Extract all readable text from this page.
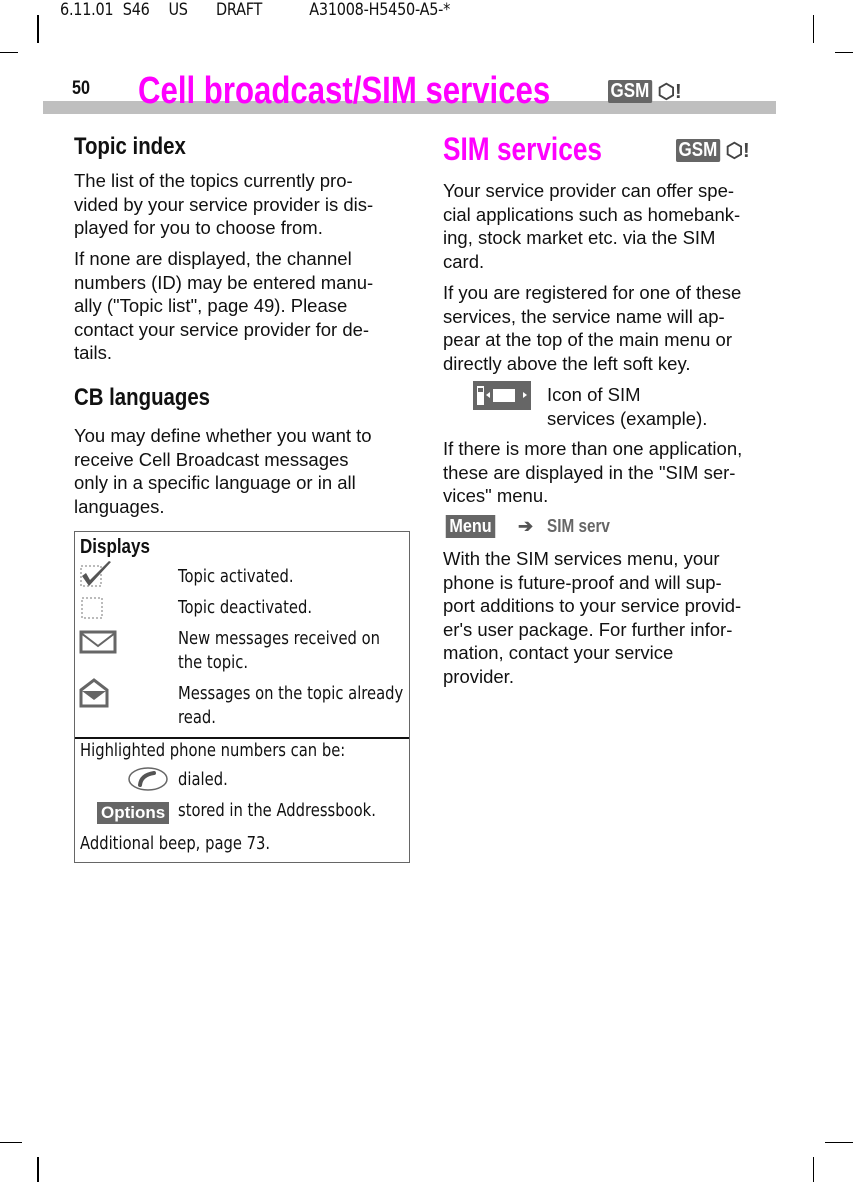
6.11.01 S46  US   DRAFT     A31008-H5450-A5-*
50 Cell broadcast/SIM services	GSM ⬡!
Topic index
The list of the topics currently pro-
vided by your service provider is dis-
played for you to choose from.
If none are displayed, the channel
numbers (ID) may be entered manu-
ally ("Topic list", page 49). Please
contact your service provider for de-
tails.
CB languages
You may define whether you want to
receive Cell Broadcast messages
only in a specific language or in all
languages.
Displays
Topic activated.
Topic deactivated.
New messages received on
the topic.
Messages on the topic already
read.
Highlighted phone numbers can be:
dialed.
Options stored in the Addressbook.
Additional beep, page 73.
SIM services	GSM ⬡!
Your service provider can offer spe-
cial applications such as homebank-
ing, stock market etc. via the SIM
card.
If you are registered for one of these
services, the service name will ap-
pear at the top of the main menu or
directly above the left soft key.
Icon of SIM
services (example).
If there is more than one application,
these are displayed in the "SIM ser-
vices" menu.
Menu ➔ SIM serv
With the SIM services menu, your
phone is future-proof and will sup-
port additions to your service provid-
er's user package. For further infor-
mation, contact your service
provider.
